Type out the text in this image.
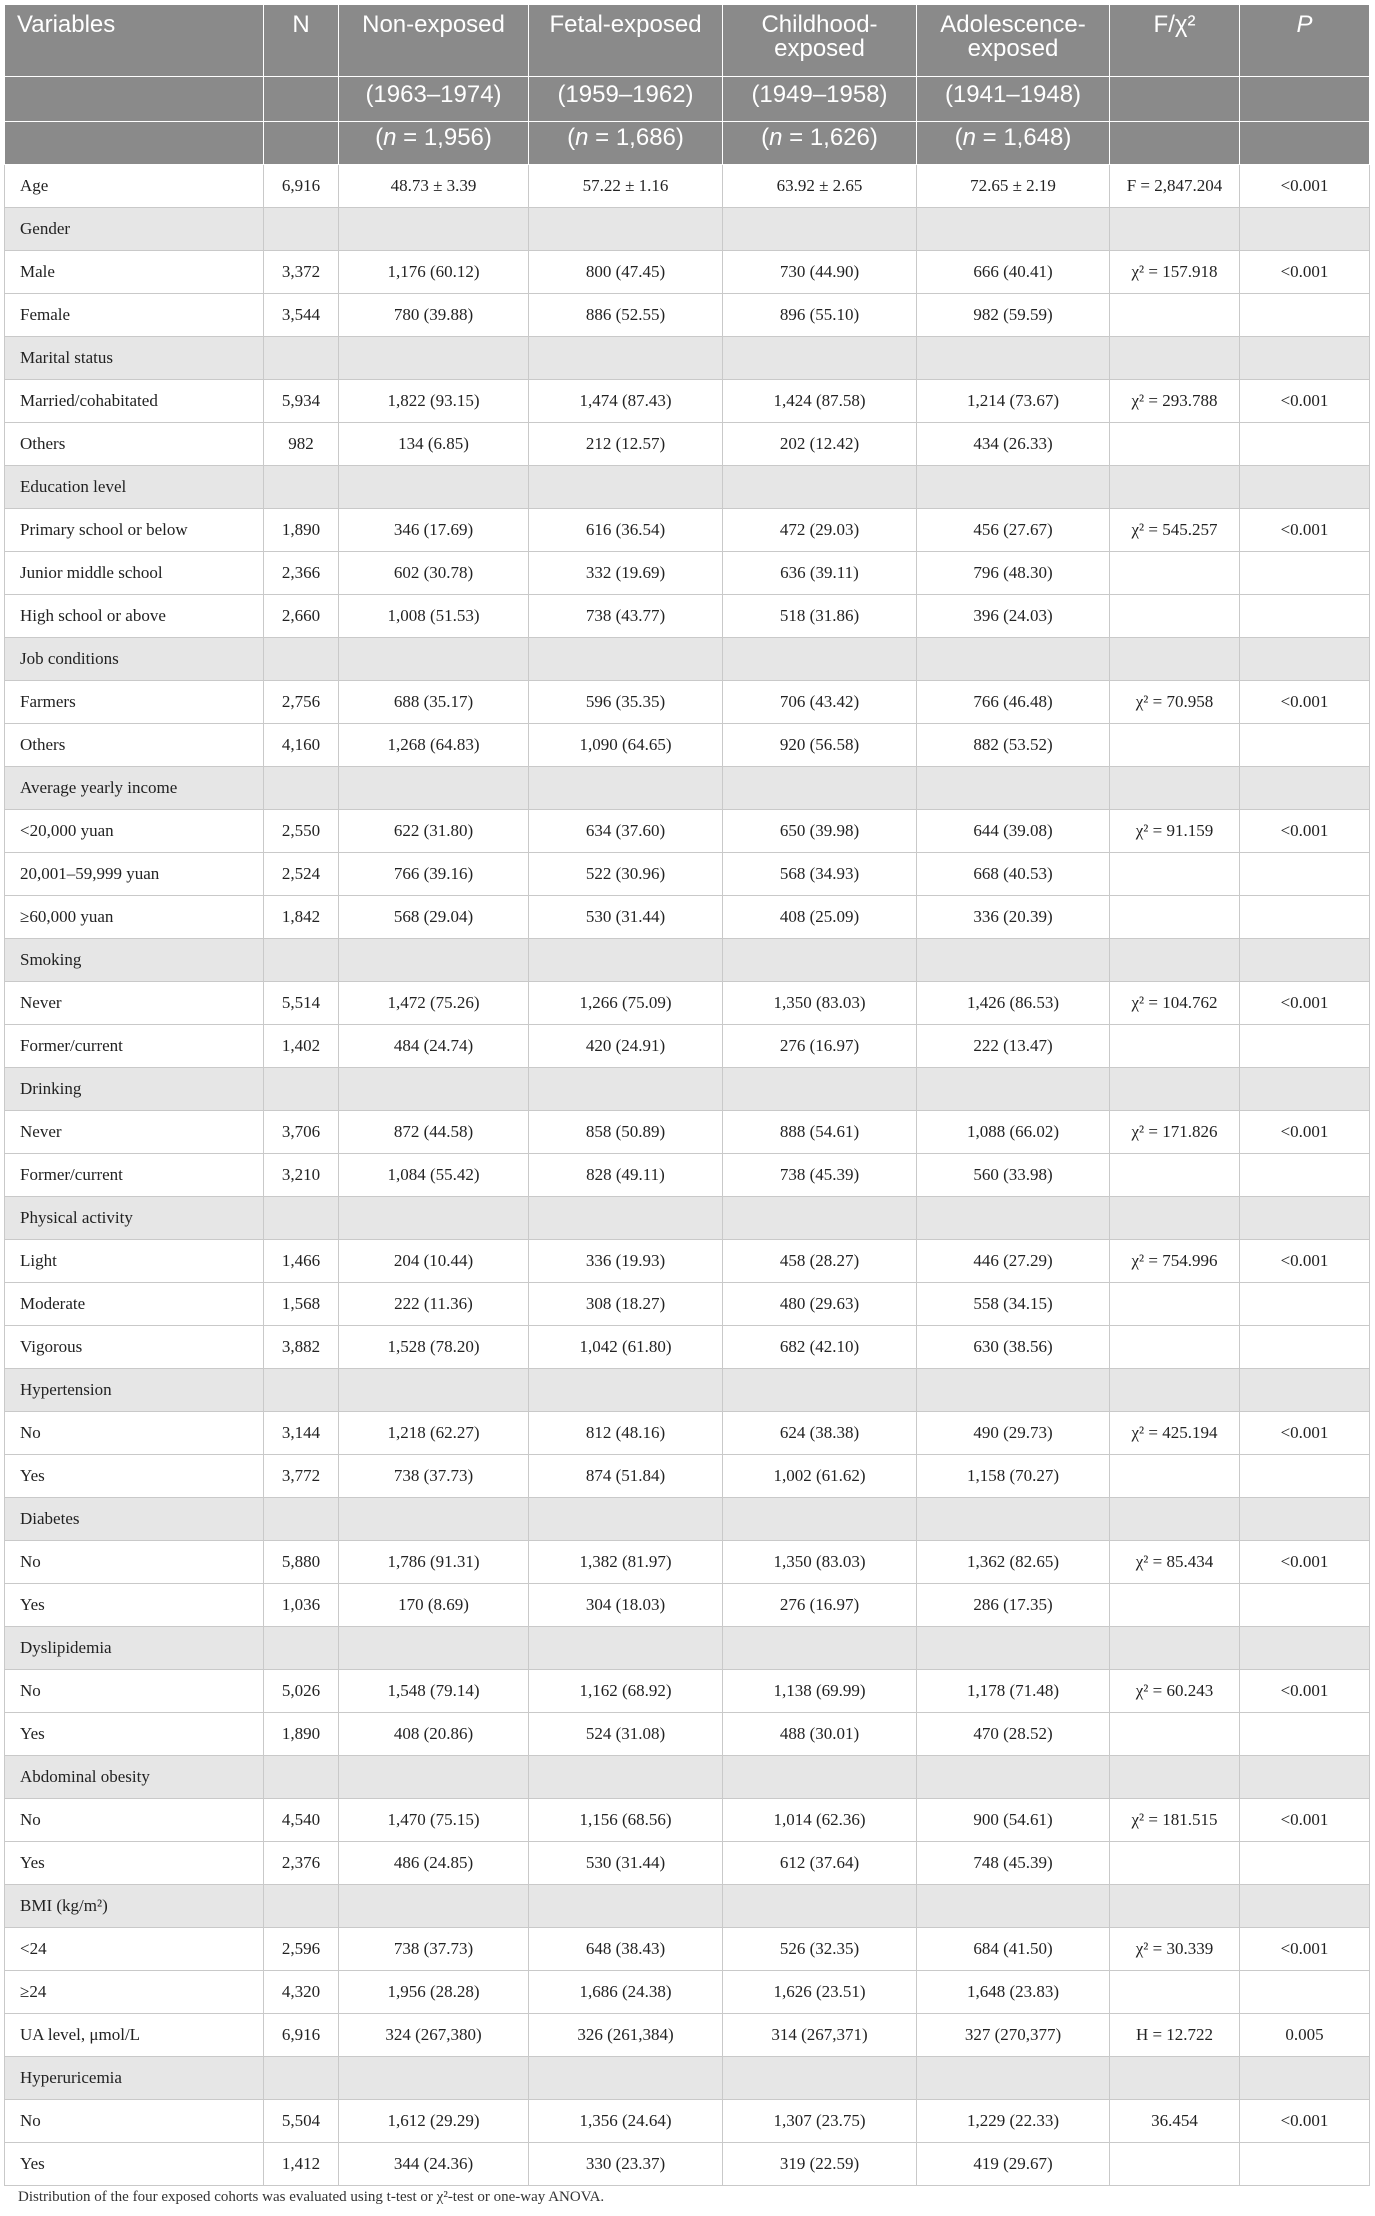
Variables	N	Non-exposed	Fetal-exposed	Childhood-exposed	Adolescence-exposed	F/χ²	P
		(1963–1974)	(1959–1962)	(1949–1958)	(1941–1948)		
		(n = 1,956)	(n = 1,686)	(n = 1,626)	(n = 1,648)		
Age	6,916	48.73 ± 3.39	57.22 ± 1.16	63.92 ± 2.65	72.65 ± 2.19	F = 2,847.204	<0.001
Gender							
Male	3,372	1,176 (60.12)	800 (47.45)	730 (44.90)	666 (40.41)	χ² = 157.918	<0.001
Female	3,544	780 (39.88)	886 (52.55)	896 (55.10)	982 (59.59)		
Marital status							
Married/cohabitated	5,934	1,822 (93.15)	1,474 (87.43)	1,424 (87.58)	1,214 (73.67)	χ² = 293.788	<0.001
Others	982	134 (6.85)	212 (12.57)	202 (12.42)	434 (26.33)		
Education level							
Primary school or below	1,890	346 (17.69)	616 (36.54)	472 (29.03)	456 (27.67)	χ² = 545.257	<0.001
Junior middle school	2,366	602 (30.78)	332 (19.69)	636 (39.11)	796 (48.30)		
High school or above	2,660	1,008 (51.53)	738 (43.77)	518 (31.86)	396 (24.03)		
Job conditions							
Farmers	2,756	688 (35.17)	596 (35.35)	706 (43.42)	766 (46.48)	χ² = 70.958	<0.001
Others	4,160	1,268 (64.83)	1,090 (64.65)	920 (56.58)	882 (53.52)		
Average yearly income							
<20,000 yuan	2,550	622 (31.80)	634 (37.60)	650 (39.98)	644 (39.08)	χ² = 91.159	<0.001
20,001–59,999 yuan	2,524	766 (39.16)	522 (30.96)	568 (34.93)	668 (40.53)		
≥60,000 yuan	1,842	568 (29.04)	530 (31.44)	408 (25.09)	336 (20.39)		
Smoking							
Never	5,514	1,472 (75.26)	1,266 (75.09)	1,350 (83.03)	1,426 (86.53)	χ² = 104.762	<0.001
Former/current	1,402	484 (24.74)	420 (24.91)	276 (16.97)	222 (13.47)		
Drinking							
Never	3,706	872 (44.58)	858 (50.89)	888 (54.61)	1,088 (66.02)	χ² = 171.826	<0.001
Former/current	3,210	1,084 (55.42)	828 (49.11)	738 (45.39)	560 (33.98)		
Physical activity							
Light	1,466	204 (10.44)	336 (19.93)	458 (28.27)	446 (27.29)	χ² = 754.996	<0.001
Moderate	1,568	222 (11.36)	308 (18.27)	480 (29.63)	558 (34.15)		
Vigorous	3,882	1,528 (78.20)	1,042 (61.80)	682 (42.10)	630 (38.56)		
Hypertension							
No	3,144	1,218 (62.27)	812 (48.16)	624 (38.38)	490 (29.73)	χ² = 425.194	<0.001
Yes	3,772	738 (37.73)	874 (51.84)	1,002 (61.62)	1,158 (70.27)		
Diabetes							
No	5,880	1,786 (91.31)	1,382 (81.97)	1,350 (83.03)	1,362 (82.65)	χ² = 85.434	<0.001
Yes	1,036	170 (8.69)	304 (18.03)	276 (16.97)	286 (17.35)		
Dyslipidemia							
No	5,026	1,548 (79.14)	1,162 (68.92)	1,138 (69.99)	1,178 (71.48)	χ² = 60.243	<0.001
Yes	1,890	408 (20.86)	524 (31.08)	488 (30.01)	470 (28.52)		
Abdominal obesity							
No	4,540	1,470 (75.15)	1,156 (68.56)	1,014 (62.36)	900 (54.61)	χ² = 181.515	<0.001
Yes	2,376	486 (24.85)	530 (31.44)	612 (37.64)	748 (45.39)		
BMI (kg/m²)							
<24	2,596	738 (37.73)	648 (38.43)	526 (32.35)	684 (41.50)	χ² = 30.339	<0.001
≥24	4,320	1,956 (28.28)	1,686 (24.38)	1,626 (23.51)	1,648 (23.83)		
UA level, μmol/L	6,916	324 (267,380)	326 (261,384)	314 (267,371)	327 (270,377)	H = 12.722	0.005
Hyperuricemia							
No	5,504	1,612 (29.29)	1,356 (24.64)	1,307 (23.75)	1,229 (22.33)	36.454	<0.001
Yes	1,412	344 (24.36)	330 (23.37)	319 (22.59)	419 (29.67)		
Distribution of the four exposed cohorts was evaluated using t-test or χ²-test or one-way ANOVA.
